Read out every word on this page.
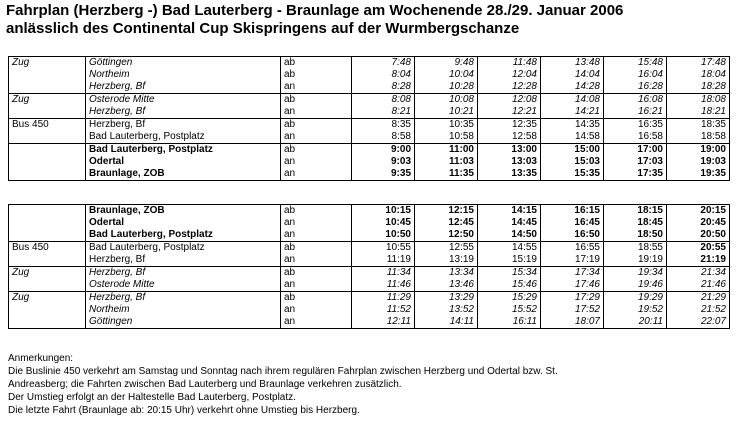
Fahrplan (Herzberg -) Bad Lauterberg - Braunlage am Wochenende 28./29. Januar 2006
anlässlich des Continental Cup Skispringens auf der Wurmbergschanze
Zug	Göttingen	ab	7:48	9:48	11:48	13:48	15:48	17:48
	Northeim	ab	8:04	10:04	12:04	14:04	16:04	18:04
	Herzberg, Bf	an	8:28	10:28	12:28	14:28	16:28	18:28
Zug	Osterode Mitte	ab	8:08	10:08	12:08	14:08	16:08	18:08
	Herzberg, Bf	an	8:21	10:21	12:21	14:21	16:21	18:21
Bus 450	Herzberg, Bf	ab	8:35	10:35	12:35	14:35	16:35	18:35
	Bad Lauterberg, Postplatz	an	8:58	10:58	12:58	14:58	16:58	18:58
	Bad Lauterberg, Postplatz	ab	9:00	11:00	13:00	15:00	17:00	19:00
	Odertal	an	9:03	11:03	13:03	15:03	17:03	19:03
	Braunlage, ZOB	an	9:35	11:35	13:35	15:35	17:35	19:35
	Braunlage, ZOB	ab	10:15	12:15	14:15	16:15	18:15	20:15
	Odertal	an	10:45	12:45	14:45	16:45	18:45	20:45
	Bad Lauterberg, Postplatz	an	10:50	12:50	14:50	16:50	18:50	20:50
Bus 450	Bad Lauterberg, Postplatz	ab	10:55	12:55	14:55	16:55	18:55	20:55
	Herzberg, Bf	an	11:19	13:19	15:19	17:19	19:19	21:19
Zug	Herzberg, Bf	ab	11:34	13:34	15:34	17:34	19:34	21:34
	Osterode Mitte	an	11:46	13:46	15:46	17:46	19:46	21:46
Zug	Herzberg, Bf	ab	11:29	13:29	15:29	17:29	19:29	21:29
	Northeim	an	11:52	13:52	15:52	17:52	19:52	21:52
	Göttingen	an	12:11	14:11	16:11	18:07	20:11	22:07
Anmerkungen:
Die Buslinie 450 verkehrt am Samstag und Sonntag nach ihrem regulären Fahrplan zwischen Herzberg und Odertal bzw. St.
Andreasberg; die Fahrten zwischen Bad Lauterberg und Braunlage verkehren zusätzlich.
Der Umstieg erfolgt an der Haltestelle Bad Lauterberg, Postplatz.
Die letzte Fahrt (Braunlage ab: 20:15 Uhr) verkehrt ohne Umstieg bis Herzberg.
